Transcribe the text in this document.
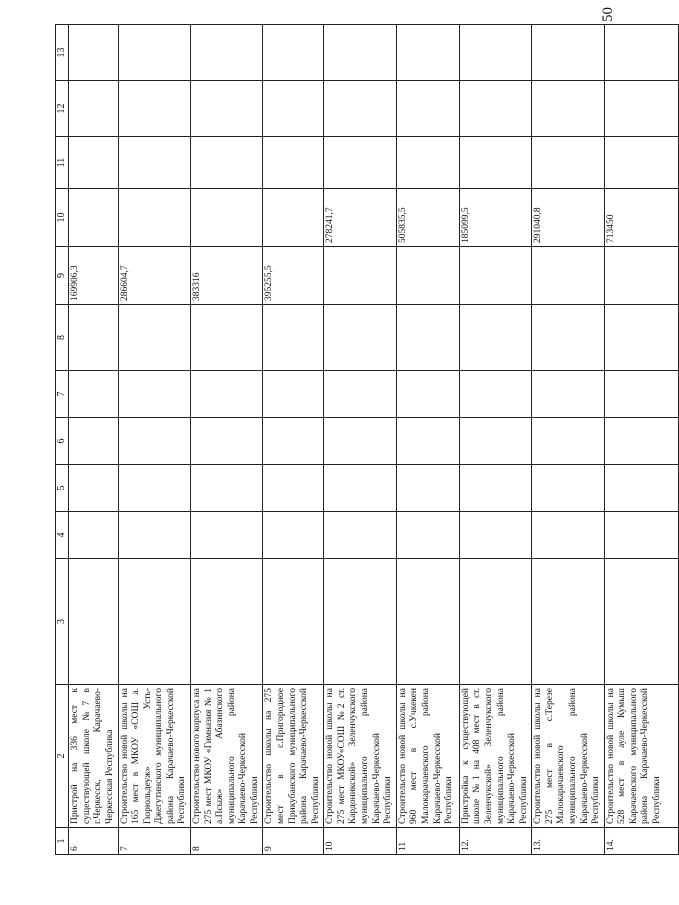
50
1	2	3	4	5	6	7	8	9	10	11	12	13
6	Пристрой на 336 мест к существующей школе №7 в г.Черкесск, Карачаево-Черкесская Республика							169906,3				
7	Строительство новой школы на 165 мест в МКОУ «СОШ а. Гюрюльдеуж» Усть-Джегутинского муниципального района Карачаево-Черкесской Республики							286604,7				
8	Строительство нового корпуса на 275 мест МКОУ «Гимназия № 1 а.Псыж» Абазинского муниципального района Карачаево-Черкесской Республики							383316				
9	Строительство школы на 275 мест в с.Пригородное Прикубанского муниципального района Карачаево-Черкесской Республики							395255,5				
10	Строительство новой школы на 275 мест МКОУ«СОШ №2 ст. Кардоникской» Зеленчукского муниципального района Карачаево-Черкесской Республики								278241,7			
11	Строительство новой школы на 960 мест в с.Учкекен Малокарачаевского района Карачаево-Черкесской Республики								505835,5			
12.	Пристройка к существующей школе №1 на 408 мест в ст. Зеленчукской» Зеленчукского муниципального района Карачаево-Черкесской Республики								185099,5			
13.	Строительство новой школы на 275 мест в с.Терезе Малокарачаевского муниципального района Карачаево-Черкесской Республики								291040,8			
14.	Строительство новой школы на 528 мест в ауле Кумыш Карачаевского муниципального района Карачаево-Черкесской Республики								713450			
